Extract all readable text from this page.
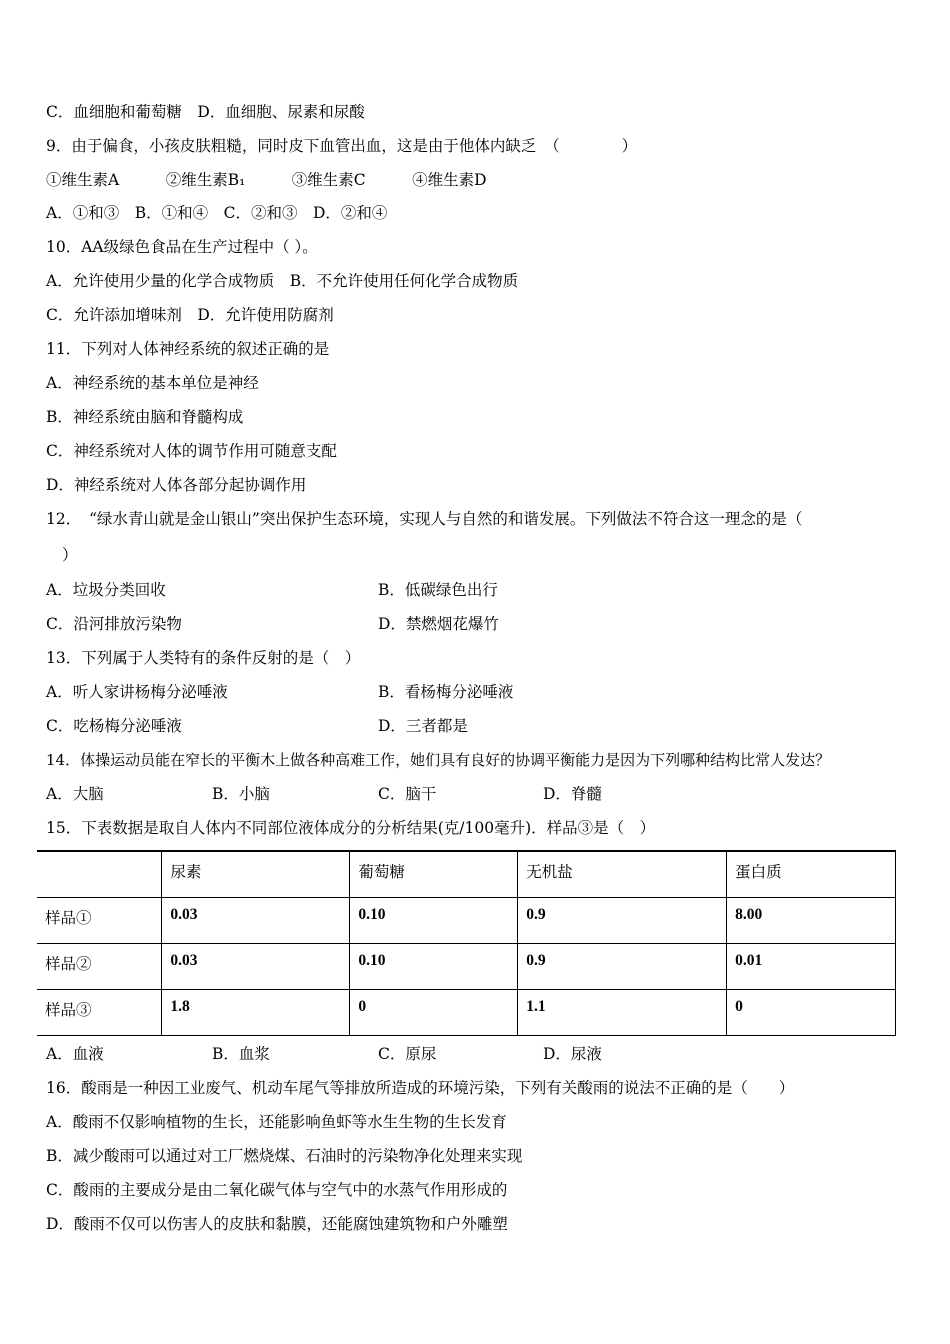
C．血细胞和葡萄糖　D．血细胞、尿素和尿酸
9．由于偏食，小孩皮肤粗糙，同时皮下血管出血，这是由于他体内缺乏　（　　　　）
①维生素A　　　②维生素B₁　　　③维生素C　　　④维生素D
A．①和③　B．①和④　C．②和③　D．②和④
10．AA级绿色食品在生产过程中（ ）。
A．允许使用少量的化学合成物质　B．不允许使用任何化学合成物质
C．允许添加增味剂　D．允许使用防腐剂
11．下列对人体神经系统的叙述正确的是
A．神经系统的基本单位是神经
B．神经系统由脑和脊髓构成
C．神经系统对人体的调节作用可随意支配
D．神经系统对人体各部分起协调作用
12．　“绿水青山就是金山银山”突出保护生态环境，实现人与自然的和谐发展。下列做法不符合这一理念的是（
）
A．垃圾分类回收	B．低碳绿色出行
C．沿河排放污染物	D．禁燃烟花爆竹
13．下列属于人类特有的条件反射的是（　）
A．听人家讲杨梅分泌唾液	B．看杨梅分泌唾液
C．吃杨梅分泌唾液	D．三者都是
14．体操运动员能在窄长的平衡木上做各种高难工作，她们具有良好的协调平衡能力是因为下列哪种结构比常人发达？
A．大脑	B．小脑	C．脑干	D．脊髓
15．下表数据是取自人体内不同部位液体成分的分析结果(克/100毫升)．样品③是（　）
	尿素	葡萄糖	无机盐	蛋白质
样品①	0.03	0.10	0.9	8.00
样品②	0.03	0.10	0.9	0.01
样品③	1.8	0	1.1	0
A．血液	B．血浆	C．原尿	D．尿液
16．酸雨是一种因工业废气、机动车尾气等排放所造成的环境污染，下列有关酸雨的说法不正确的是（　　）
A．酸雨不仅影响植物的生长，还能影响鱼虾等水生生物的生长发育
B．减少酸雨可以通过对工厂燃烧煤、石油时的污染物净化处理来实现
C．酸雨的主要成分是由二氧化碳气体与空气中的水蒸气作用形成的
D．酸雨不仅可以伤害人的皮肤和黏膜，还能腐蚀建筑物和户外雕塑
